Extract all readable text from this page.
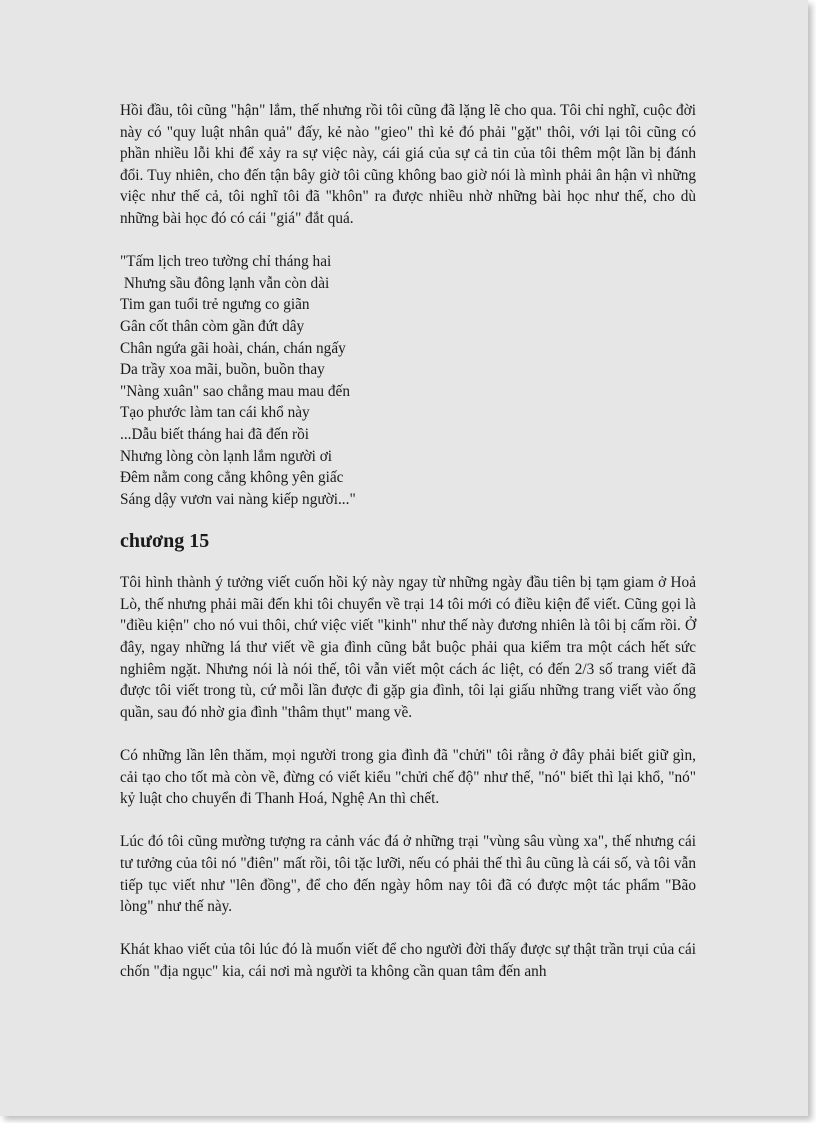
Hồi đầu, tôi cũng "hận" lắm, thế nhưng rồi tôi cũng đã lặng lẽ cho qua. Tôi chỉ nghĩ, cuộc đời này có "quy luật nhân quả" đấy, kẻ nào "gieo" thì kẻ đó phải "gặt" thôi, với lại tôi cũng có phần nhiều lỗi khi để xảy ra sự việc này, cái giá của sự cả tin của tôi thêm một lần bị đánh đổi. Tuy nhiên, cho đến tận bây giờ tôi cũng không bao giờ nói là mình phải ân hận vì những việc như thế cả, tôi nghĩ tôi đã "khôn" ra được nhiều nhờ những bài học như thế, cho dù những bài học đó có cái "giá" đắt quá.

"Tấm lịch treo tường chỉ tháng hai
Nhưng sầu đông lạnh vẫn còn dài
Tim gan tuổi trẻ ngưng co giãn
Gân cốt thân còm gần đứt dây
Chân ngứa gãi hoài, chán, chán ngấy
Da trầy xoa mãi, buồn, buồn thay
"Nàng xuân" sao chẳng mau mau đến
Tạo phước làm tan cái khổ này
...Dẫu biết tháng hai đã đến rồi
Nhưng lòng còn lạnh lắm người ơi
Đêm nằm cong cẳng không yên giấc
Sáng dậy vươn vai nàng kiếp người..."
chương 15

Tôi hình thành ý tưởng viết cuốn hồi ký này ngay từ những ngày đầu tiên bị tạm giam ở Hoả Lò, thế nhưng phải mãi đến khi tôi chuyển về trại 14 tôi mới có điều kiện để viết. Cũng gọi là "điều kiện" cho nó vui thôi, chứ việc viết "kinh" như thế này đương nhiên là tôi bị cấm rồi. Ở đây, ngay những lá thư viết về gia đình cũng bắt buộc phải qua kiểm tra một cách hết sức nghiêm ngặt. Nhưng nói là nói thế, tôi vẫn viết một cách ác liệt, có đến 2/3 số trang viết đã được tôi viết trong tù, cứ mỗi lần được đi gặp gia đình, tôi lại giấu những trang viết vào ống quần, sau đó nhờ gia đình "thâm thụt" mang về.

Có những lần lên thăm, mọi người trong gia đình đã "chửi" tôi rằng ở đây phải biết giữ gìn, cải tạo cho tốt mà còn về, đừng có viết kiểu "chửi chế độ" như thế, "nó" biết thì lại khổ, "nó" kỷ luật cho chuyển đi Thanh Hoá, Nghệ An thì chết.

Lúc đó tôi cũng mường tượng ra cảnh vác đá ở những trại "vùng sâu vùng xa", thế nhưng cái tư tưởng của tôi nó "điên" mất rồi, tôi tặc lưỡi, nếu có phải thế thì âu cũng là cái số, và tôi vẫn tiếp tục viết như "lên đồng", để cho đến ngày hôm nay tôi đã có được một tác phẩm "Bão lòng" như thế này.

Khát khao viết của tôi lúc đó là muốn viết để cho người đời thấy được sự thật trần trụi của cái chốn "địa ngục" kia, cái nơi mà người ta không cần quan tâm đến anh
